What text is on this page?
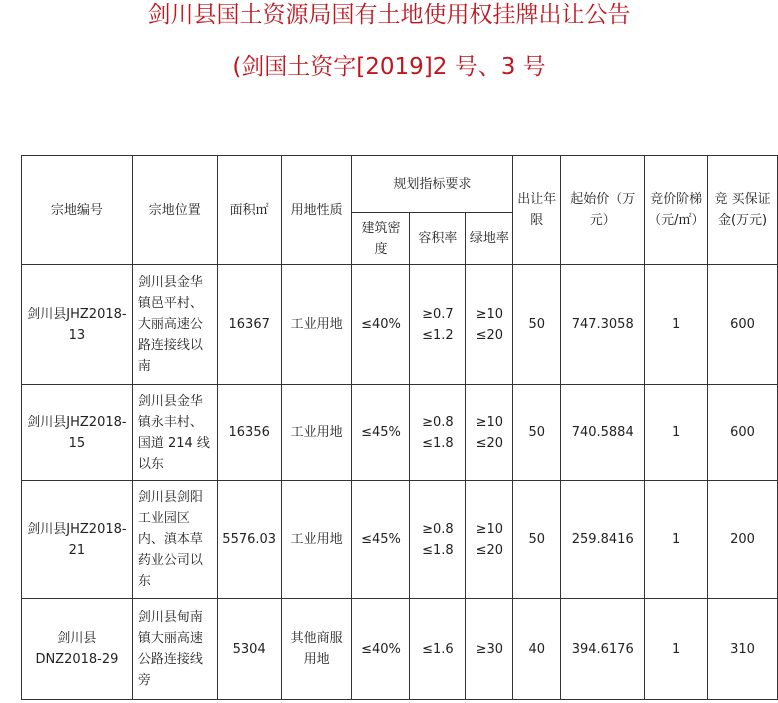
剑川县国土资源局国有土地使用权挂牌出让公告
(剑国土资字[2019]2 号、3 号
宗地编号	宗地位置	面积㎡	用地性质	规划指标要求			出让年限	起始价（万元）	竞价阶梯（元/㎡）	竞 买保证金(万元)
				建筑密度	容积率	绿地率				
剑川县JHZ2018-13	剑川县金华镇邑平村、大丽高速公路连接线以南	16367	工业用地	≤40%	≥0.7 ≤1.2	≥10 ≤20	50	747.3058	1	600
剑川县JHZ2018-15	剑川县金华镇永丰村、国道 214 线以东	16356	工业用地	≤45%	≥0.8 ≤1.8	≥10 ≤20	50	740.5884	1	600
剑川县JHZ2018-21	剑川县剑阳工业园区内、滇本草药业公司以东	5576.03	工业用地	≤45%	≥0.8 ≤1.8	≥10 ≤20	50	259.8416	1	200
剑川县DNZ2018-29	剑川县甸南镇大丽高速公路连接线旁	5304	其他商服用地	≤40%	≤1.6	≥30	40	394.6176	1	310
